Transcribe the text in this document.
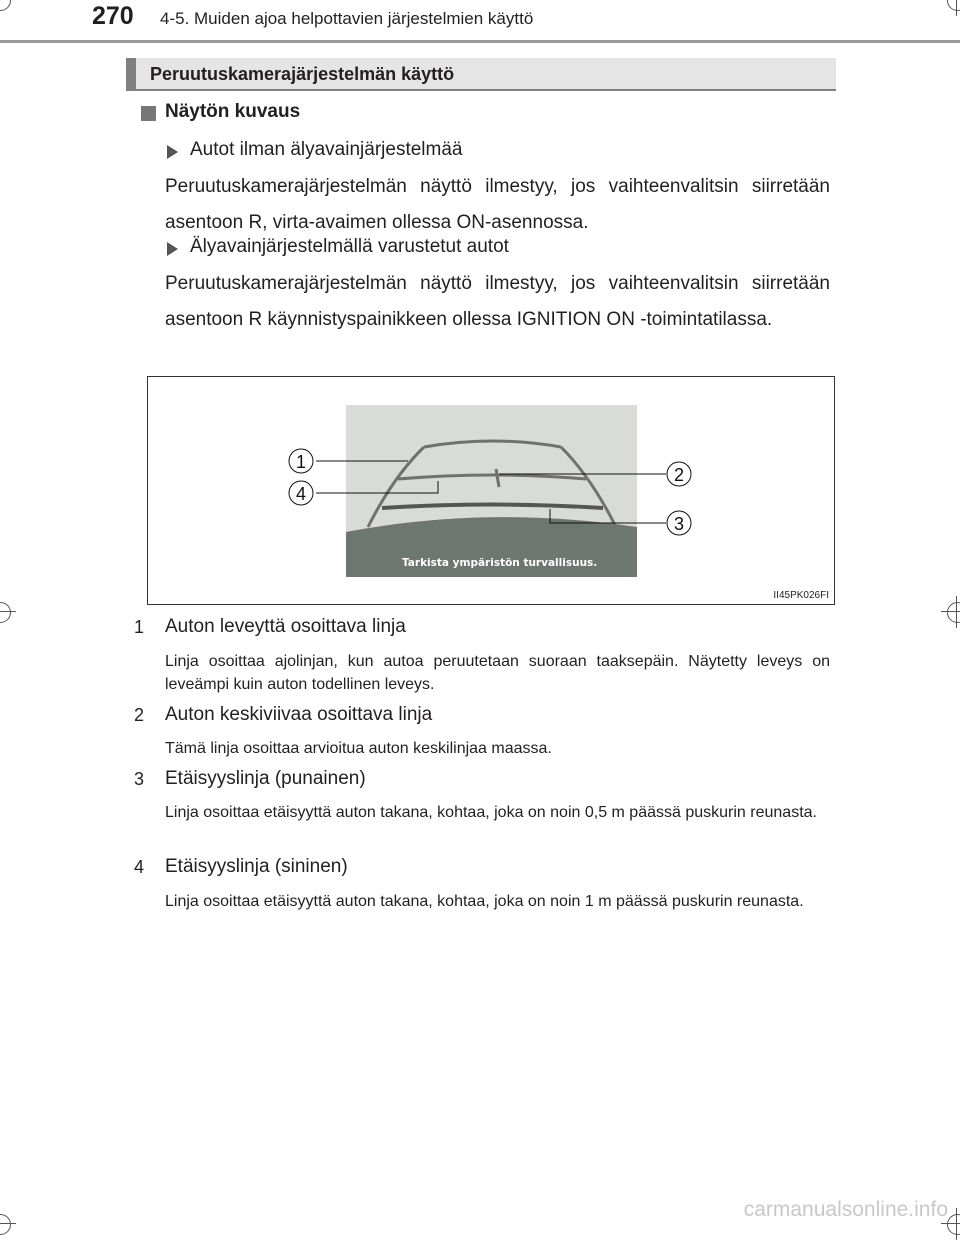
270 4-5. Muiden ajoa helpottavien järjestelmien käyttö
Peruutuskamerajärjestelmän käyttö
Näytön kuvaus
Autot ilman älyavainjärjestelmää

Peruutuskamerajärjestelmän näyttö ilmestyy, jos vaihteenvalitsin siirretään asentoon R, virta-avaimen ollessa ON-asennossa.

Älyavainjärjestelmällä varustetut autot

Peruutuskamerajärjestelmän näyttö ilmestyy, jos vaihteenvalitsin siirretään asentoon R käynnistyspainikkeen ollessa IGNITION ON -toimintatilassa.

Tarkista ympäristön turvallisuus.
1
4
2
3
II45PK026FI
1 Auton leveyttä osoittava linja

Linja osoittaa ajolinjan, kun autoa peruutetaan suoraan taaksepäin. Näytetty leveys on leveämpi kuin auton todellinen leveys.

2 Auton keskiviivaa osoittava linja

Tämä linja osoittaa arvioitua auton keskilinjaa maassa.

3 Etäisyyslinja (punainen)

Linja osoittaa etäisyyttä auton takana, kohtaa, joka on noin 0,5 m päässä puskurin reunasta.

4 Etäisyyslinja (sininen)

Linja osoittaa etäisyyttä auton takana, kohtaa, joka on noin 1 m päässä puskurin reunasta.

carmanualsonline.info
